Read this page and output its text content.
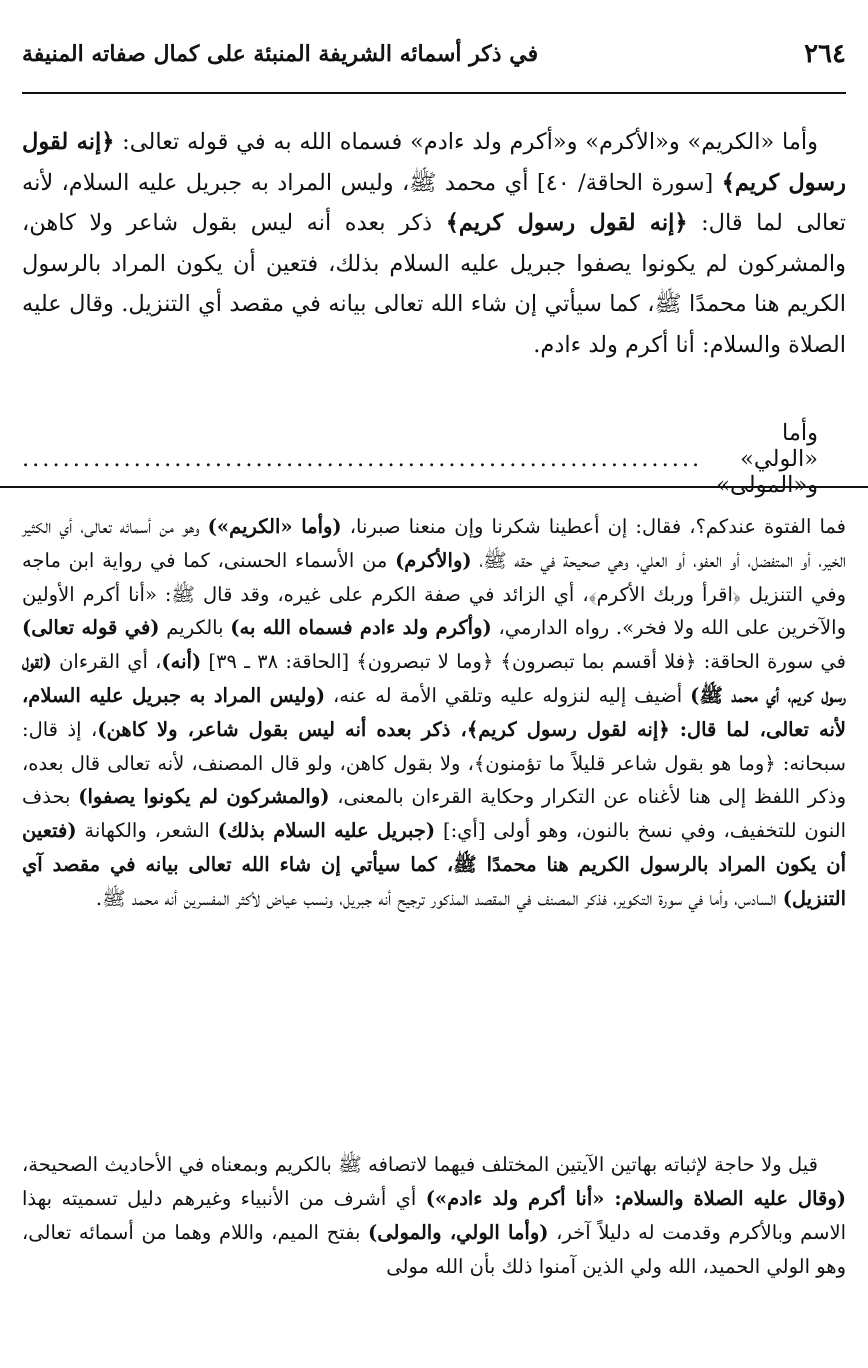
٢٦٤
في ذكر أسمائه الشريفة المنبئة على كمال صفاته المنيفة

وأما «الكريم» و«الأكرم» و«أكرم ولد ءادم» فسماه الله به في قوله تعالى: ﴿إنه لقول رسول كريم﴾ [سورة الحاقة/ ٤٠] أي محمد ﷺ، وليس المراد به جبريل عليه السلام، لأنه تعالى لما قال: ﴿إنه لقول رسول كريم﴾ ذكر بعده أنه ليس بقول شاعر ولا كاهن، والمشركون لم يكونوا يصفوا جبريل عليه السلام بذلك، فتعين أن يكون المراد بالرسول الكريم هنا محمدًا ﷺ، كما سيأتي إن شاء الله تعالى بيانه في مقصد أي التنزيل. وقال عليه الصلاة والسلام: أنا أكرم ولد ءادم.

وأما «الولي» و«المولى»
...................................................................

فما الفتوة عندكم؟، فقال: إن أعطينا شكرنا وإن منعنا صبرنا، (وأما «الكريم») وهو من أسمائه تعالى، أي الكثير الخير، أو المتفضل، أو العفو، أو العلي، وهي صحيحة في حقه ﷺ، (والأكرم) من الأسماء الحسنى، كما في رواية ابن ماجه وفي التنزيل ﴿اقرأ وربك الأكرم﴾، أي الزائد في صفة الكرم على غيره، وقد قال ﷺ: «أنا أكرم الأولين والآخرين على الله ولا فخر». رواه الدارمي، (وأكرم ولد ءادم فسماه الله به) بالكريم (في قوله تعالى) في سورة الحاقة: ﴿فلا أقسم بما تبصرون﴾ ﴿وما لا تبصرون﴾ [الحاقة: ٣٨ ـ ٣٩] (أنه)، أي القرءان (لقول رسول كريم، أي محمد ﷺ) أضيف إليه لنزوله عليه وتلقي الأمة له عنه، (وليس المراد به جبريل عليه السلام، لأنه تعالى، لما قال: ﴿إنه لقول رسول كريم﴾، ذكر بعده أنه ليس بقول شاعر، ولا كاهن)، إذ قال: سبحانه: ﴿وما هو بقول شاعر قليلاً ما تؤمنون﴾، ولا بقول كاهن، ولو قال المصنف، لأنه تعالى قال بعده، وذكر اللفظ إلى هنا لأغناه عن التكرار وحكاية القرءان بالمعنى، (والمشركون لم يكونوا يصفوا) بحذف النون للتخفيف، وفي نسخ بالنون، وهو أولى [أي:] (جبريل عليه السلام بذلك) الشعر، والكهانة (فتعين أن يكون المراد بالرسول الكريم هنا محمدًا ﷺ، كما سيأتي إن شاء الله تعالى بيانه في مقصد آي التنزيل) السادس، وأما في سورة التكوير، فذكر المصنف في المقصد المذكور ترجيح أنه جبريل، ونسب عياض لأكثر المفسرين أنه محمد ﷺ.

قيل ولا حاجة لإثباته بهاتين الآيتين المختلف فيهما لاتصافه ﷺ بالكريم وبمعناه في الأحاديث الصحيحة، (وقال عليه الصلاة والسلام: «أنا أكرم ولد ءادم») أي أشرف من الأنبياء وغيرهم دليل تسميته بهذا الاسم وبالأكرم وقدمت له دليلاً آخر، (وأما الولي، والمولى) بفتح الميم، واللام وهما من أسمائه تعالى، وهو الولي الحميد، الله ولي الذين آمنوا ذلك بأن الله مولى
